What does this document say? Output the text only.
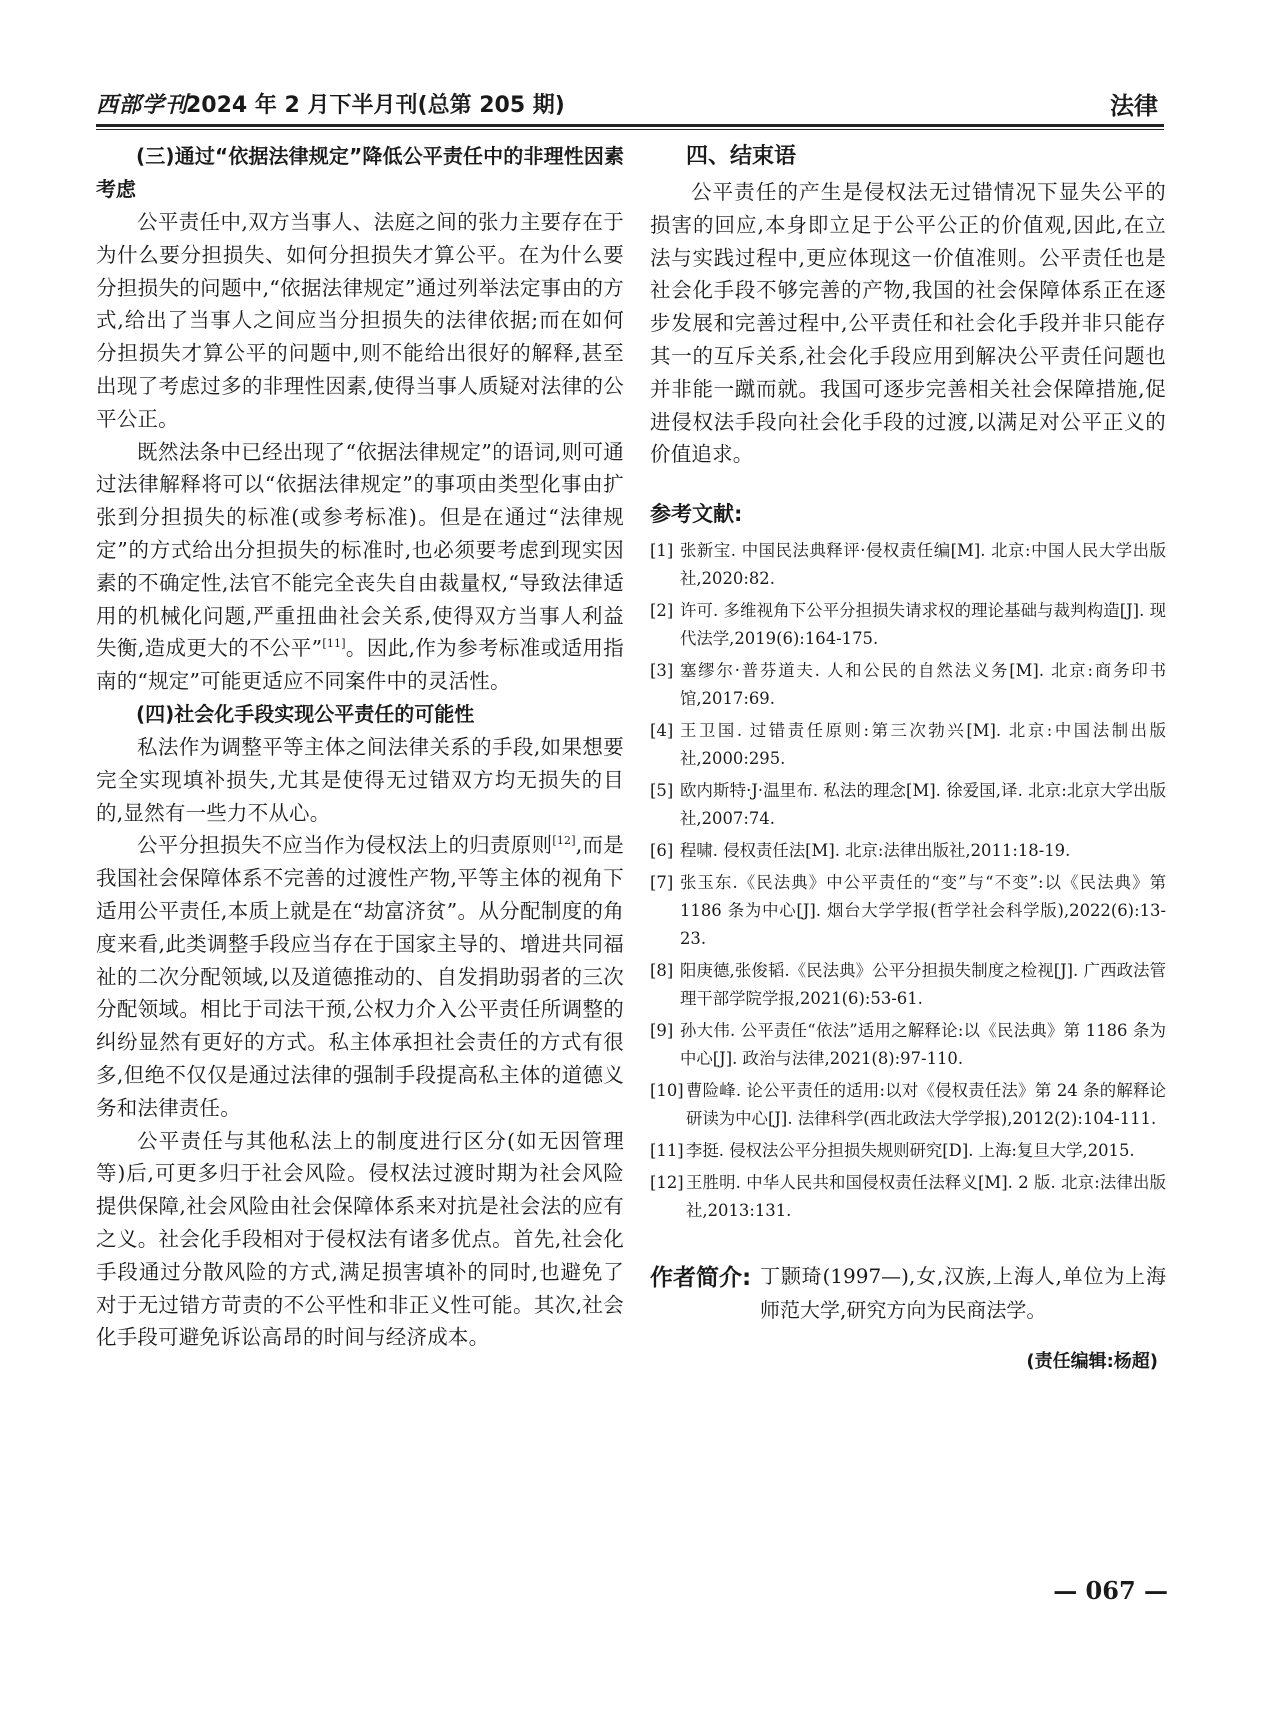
西部学刊
2024 年 2 月下半月刊(总第 205 期)	法律

(三)通过“依据法律规定”降低公平责任中的非理性因素考虑

公平责任中,双方当事人、法庭之间的张力主要存在于为什么要分担损失、如何分担损失才算公平。在为什么要分担损失的问题中,“依据法律规定”通过列举法定事由的方式,给出了当事人之间应当分担损失的法律依据;而在如何分担损失才算公平的问题中,则不能给出很好的解释,甚至出现了考虑过多的非理性因素,使得当事人质疑对法律的公平公正。

既然法条中已经出现了“依据法律规定”的语词,则可通过法律解释将可以“依据法律规定”的事项由类型化事由扩张到分担损失的标准(或参考标准)。但是在通过“法律规定”的方式给出分担损失的标准时,也必须要考虑到现实因素的不确定性,法官不能完全丧失自由裁量权,“导致法律适用的机械化问题,严重扭曲社会关系,使得双方当事人利益失衡,造成更大的不公平”[11]。因此,作为参考标准或适用指南的“规定”可能更适应不同案件中的灵活性。

(四)社会化手段实现公平责任的可能性

私法作为调整平等主体之间法律关系的手段,如果想要完全实现填补损失,尤其是使得无过错双方均无损失的目的,显然有一些力不从心。

公平分担损失不应当作为侵权法上的归责原则[12],而是我国社会保障体系不完善的过渡性产物,平等主体的视角下适用公平责任,本质上就是在“劫富济贫”。从分配制度的角度来看,此类调整手段应当存在于国家主导的、增进共同福祉的二次分配领域,以及道德推动的、自发捐助弱者的三次分配领域。相比于司法干预,公权力介入公平责任所调整的纠纷显然有更好的方式。私主体承担社会责任的方式有很多,但绝不仅仅是通过法律的强制手段提高私主体的道德义务和法律责任。

公平责任与其他私法上的制度进行区分(如无因管理等)后,可更多归于社会风险。侵权法过渡时期为社会风险提供保障,社会风险由社会保障体系来对抗是社会法的应有之义。社会化手段相对于侵权法有诸多优点。首先,社会化手段通过分散风险的方式,满足损害填补的同时,也避免了对于无过错方苛责的不公平性和非正义性可能。其次,社会化手段可避免诉讼高昂的时间与经济成本。

四、结束语

公平责任的产生是侵权法无过错情况下显失公平的损害的回应,本身即立足于公平公正的价值观,因此,在立法与实践过程中,更应体现这一价值准则。公平责任也是社会化手段不够完善的产物,我国的社会保障体系正在逐步发展和完善过程中,公平责任和社会化手段并非只能存其一的互斥关系,社会化手段应用到解决公平责任问题也并非能一蹴而就。我国可逐步完善相关社会保障措施,促进侵权法手段向社会化手段的过渡,以满足对公平正义的价值追求。

参考文献:

[1] 张新宝. 中国民法典释评·侵权责任编[M]. 北京:中国人民大学出版社,2020:82.
[2] 许可. 多维视角下公平分担损失请求权的理论基础与裁判构造[J]. 现代法学,2019(6):164-175.
[3] 塞缪尔·普芬道夫. 人和公民的自然法义务[M]. 北京:商务印书馆,2017:69.
[4] 王卫国. 过错责任原则:第三次勃兴[M]. 北京:中国法制出版社,2000:295.
[5] 欧内斯特·J·温里布. 私法的理念[M]. 徐爱国,译. 北京:北京大学出版社,2007:74.
[6] 程啸. 侵权责任法[M]. 北京:法律出版社,2011:18-19.
[7] 张玉东.《民法典》中公平责任的“变”与“不变”:以《民法典》第 1186 条为中心[J]. 烟台大学学报(哲学社会科学版),2022(6):13-23.
[8] 阳庚德,张俊韬.《民法典》公平分担损失制度之检视[J]. 广西政法管理干部学院学报,2021(6):53-61.
[9] 孙大伟. 公平责任“依法”适用之解释论:以《民法典》第 1186 条为中心[J]. 政治与法律,2021(8):97-110.
[10] 曹险峰. 论公平责任的适用:以对《侵权责任法》第 24 条的解释论研读为中心[J]. 法律科学(西北政法大学学报),2012(2):104-111.
[11] 李挺. 侵权法公平分担损失规则研究[D]. 上海:复旦大学,2015.
[12] 王胜明. 中华人民共和国侵权责任法释义[M]. 2 版. 北京:法律出版社,2013:131.
作者简介: 丁颢琦(1997—),女,汉族,上海人,单位为上海师范大学,研究方向为民商法学。

(责任编辑:杨超)

— 067 —
